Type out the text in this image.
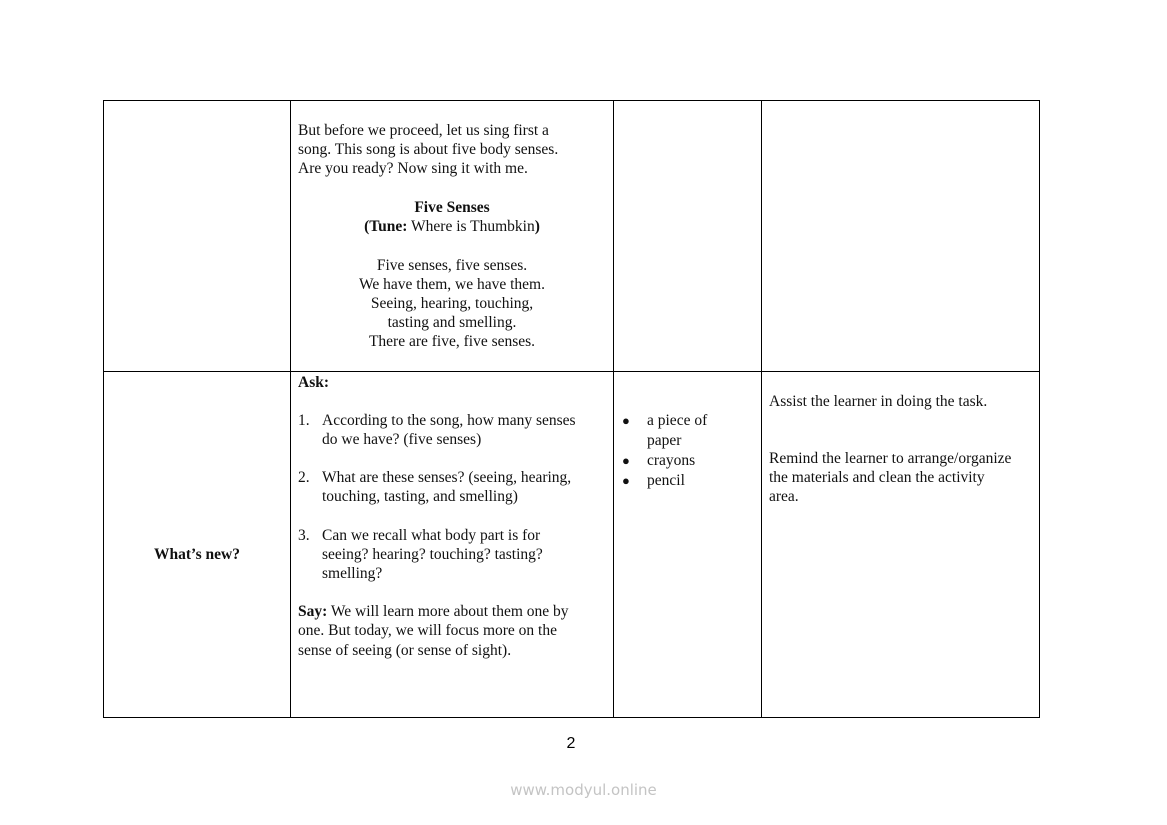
But before we proceed, let us sing first a
song. This song is about five body senses.
Are you ready? Now sing it with me.
Five Senses
(Tune: Where is Thumbkin)
Five senses, five senses.
We have them, we have them.
Seeing, hearing, touching,
tasting and smelling.
There are five, five senses.
What’s new?
Ask:
1. According to the song, how many senses
do we have? (five senses)
2. What are these senses? (seeing, hearing,
touching, tasting, and smelling)
3. Can we recall what body part is for
seeing? hearing? touching? tasting?
smelling?
Say: We will learn more about them one by
one. But today, we will focus more on the
sense of seeing (or sense of sight).
● a piece of
paper
● crayons
● pencil
Assist the learner in doing the task.
Remind the learner to arrange/organize
the materials and clean the activity
area.
2
www.modyul.online
